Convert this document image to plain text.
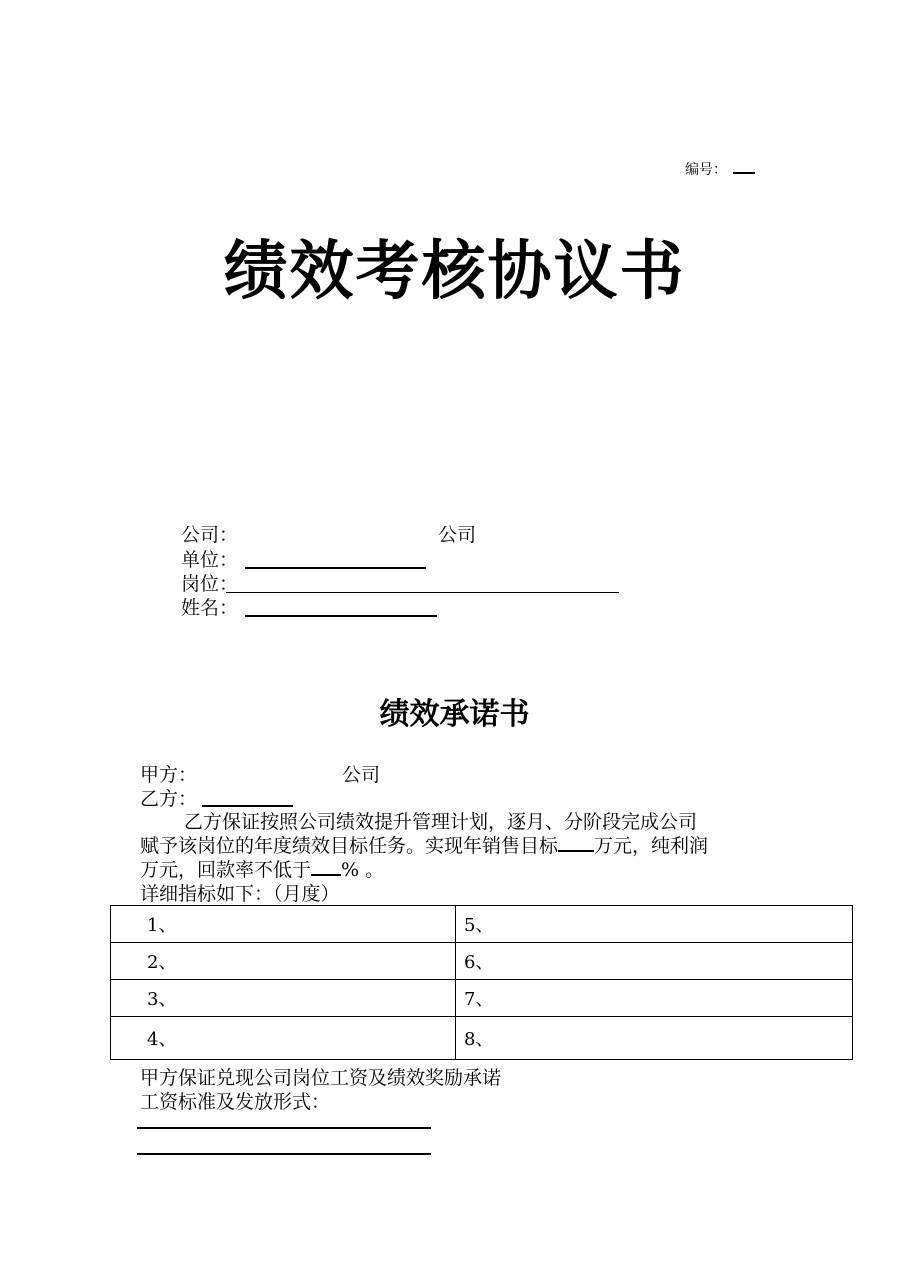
编号：
绩效考核协议书
公司：	公司
单位：
岗位：
姓名：
绩效承诺书
甲方：	公司
乙方：
乙方保证按照公司绩效提升管理计划，逐月、分阶段完成公司
赋予该岗位的年度绩效目标任务。实现年销售目标 万元，纯利润
万元，回款率不低于 % 。
详细指标如下：（月度）
1、	5、
2、	6、
3、	7、
4、	8、
甲方保证兑现公司岗位工资及绩效奖励承诺
工资标准及发放形式：
